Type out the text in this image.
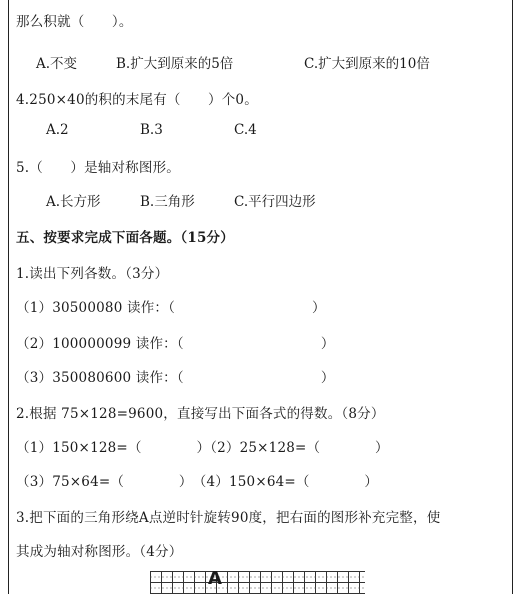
那么积就（　　）。
A.不变	B.扩大到原来的5倍	C.扩大到原来的10倍
4.250×40的积的末尾有（　　）个0。
A.2	B.3	C.4
5.（　　）是轴对称图形。
A.长方形	B.三角形	C.平行四边形
五、按要求完成下面各题。（15分）
1.读出下列各数。（3分）
（1）30500080 读作：（　　　　　　　　　　）
（2）100000099 读作：（　　　　　　　　　　）
（3）350080600 读作：（　　　　　　　　　　）
2.根据 75×128=9600，直接写出下面各式的得数。（8分）
（1）150×128=（　　　　）（2）25×128=（　　　　）
（3）75×64=（　　　　）　（4）150×64=（　　　　）
3.把下面的三角形绕A点逆时针旋转90度，把右面的图形补充完整，使
其成为轴对称图形。（4分）
A
